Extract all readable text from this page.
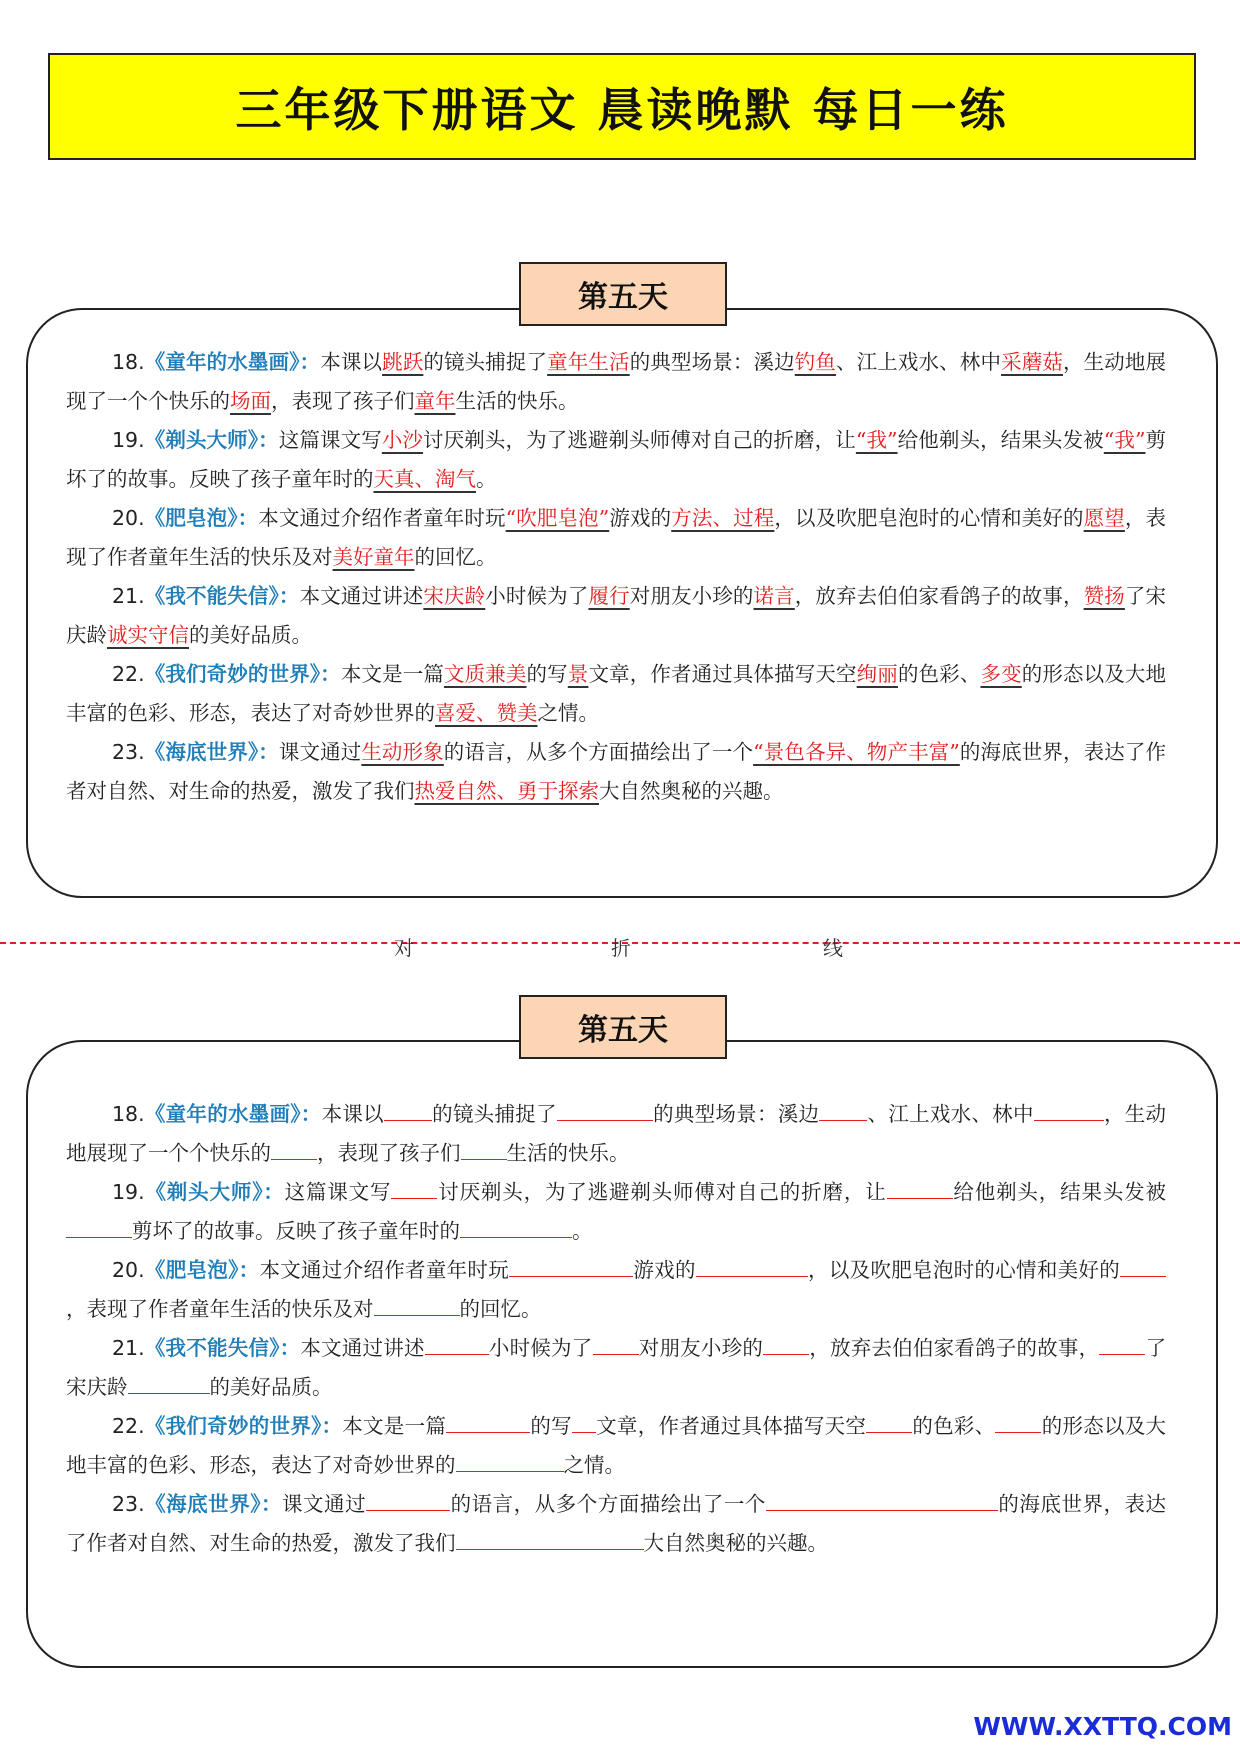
三年级下册语文 晨读晚默 每日一练
第五天

18.《童年的水墨画》：本课以跳跃的镜头捕捉了童年生活的典型场景：溪边钓鱼、江上戏水、林中采蘑菇，生动地展现了一个个快乐的场面，表现了孩子们童年生活的快乐。

19.《剃头大师》：这篇课文写小沙讨厌剃头，为了逃避剃头师傅对自己的折磨，让“我”给他剃头，结果头发被“我”剪坏了的故事。反映了孩子童年时的天真、淘气。

20.《肥皂泡》：本文通过介绍作者童年时玩“吹肥皂泡”游戏的方法、过程，以及吹肥皂泡时的心情和美好的愿望，表现了作者童年生活的快乐及对美好童年的回忆。

21.《我不能失信》：本文通过讲述宋庆龄小时候为了履行对朋友小珍的诺言，放弃去伯伯家看鸽子的故事，赞扬了宋庆龄诚实守信的美好品质。

22.《我们奇妙的世界》：本文是一篇文质兼美的写景文章，作者通过具体描写天空绚丽的色彩、多变的形态以及大地丰富的色彩、形态，表达了对奇妙世界的喜爱、赞美之情。

23.《海底世界》：课文通过生动形象的语言，从多个方面描绘出了一个“景色各异、物产丰富”的海底世界，表达了作者对自然、对生命的热爱，激发了我们热爱自然、勇于探索大自然奥秘的兴趣。

对	折	线
第五天

18.《童年的水墨画》：本课以 的镜头捕捉了	的典型场景：溪边 、江上戏水、林中	，生动地展现了一个个快乐的 ，表现了孩子们 生活的快乐。

19.《剃头大师》：这篇课文写 讨厌剃头，为了逃避剃头师傅对自己的折磨，让	给他剃头，结果头发被剪坏了的故事。反映了孩子童年时的	。

20.《肥皂泡》：本文通过介绍作者童年时玩	游戏的	，以及吹肥皂泡时的心情和美好的，表现了作者童年生活的快乐及对	的回忆。

21.《我不能失信》：本文通过讲述	小时候为了 对朋友小珍的 ，放弃去伯伯家看鸽子的故事， 了宋庆龄	的美好品质。

22.《我们奇妙的世界》：本文是一篇	的写 文章，作者通过具体描写天空 的色彩、 的形态以及大地丰富的色彩、形态，表达了对奇妙世界的	之情。

23.《海底世界》：课文通过	的语言，从多个方面描绘出了一个	的海底世界，表达了作者对自然、对生命的热爱，激发了我们	大自然奥秘的兴趣。

WWW.XXTTQ.COM
